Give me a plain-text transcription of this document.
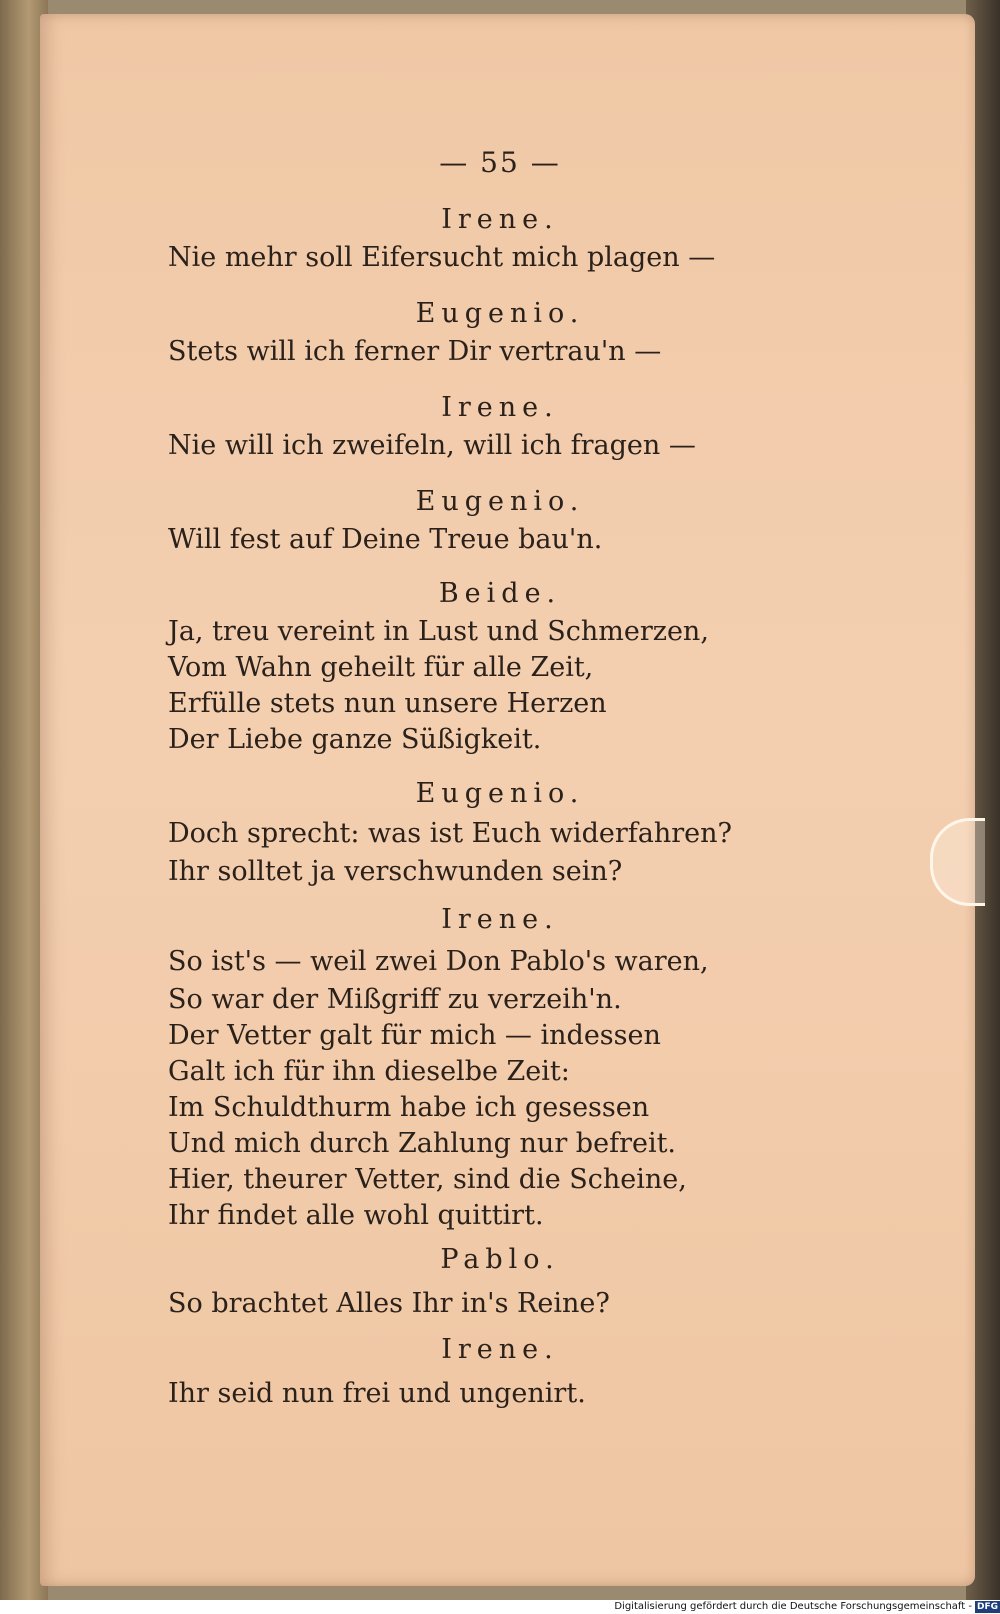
— 55 —
Irene.
Nie mehr soll Eifersucht mich plagen —
Eugenio.
Stets will ich ferner Dir vertrau'n —
Irene.
Nie will ich zweifeln, will ich fragen —
Eugenio.
Will fest auf Deine Treue bau'n.
Beide.
Ja, treu vereint in Lust und Schmerzen,
Vom Wahn geheilt für alle Zeit,
Erfülle stets nun unsere Herzen
Der Liebe ganze Süßigkeit.
Eugenio.
Doch sprecht: was ist Euch widerfahren?
Ihr solltet ja verschwunden sein?
Irene.
So ist's — weil zwei Don Pablo's waren,
So war der Mißgriff zu verzeih'n.
Der Vetter galt für mich — indessen
Galt ich für ihn dieselbe Zeit:
Im Schuldthurm habe ich gesessen
Und mich durch Zahlung nur befreit.
Hier, theurer Vetter, sind die Scheine,
Ihr findet alle wohl quittirt.
Pablo.
So brachtet Alles Ihr in's Reine?
Irene.
Ihr seid nun frei und ungenirt.
Digitalisierung gefördert durch die Deutsche Forschungsgemeinschaft - DFG
